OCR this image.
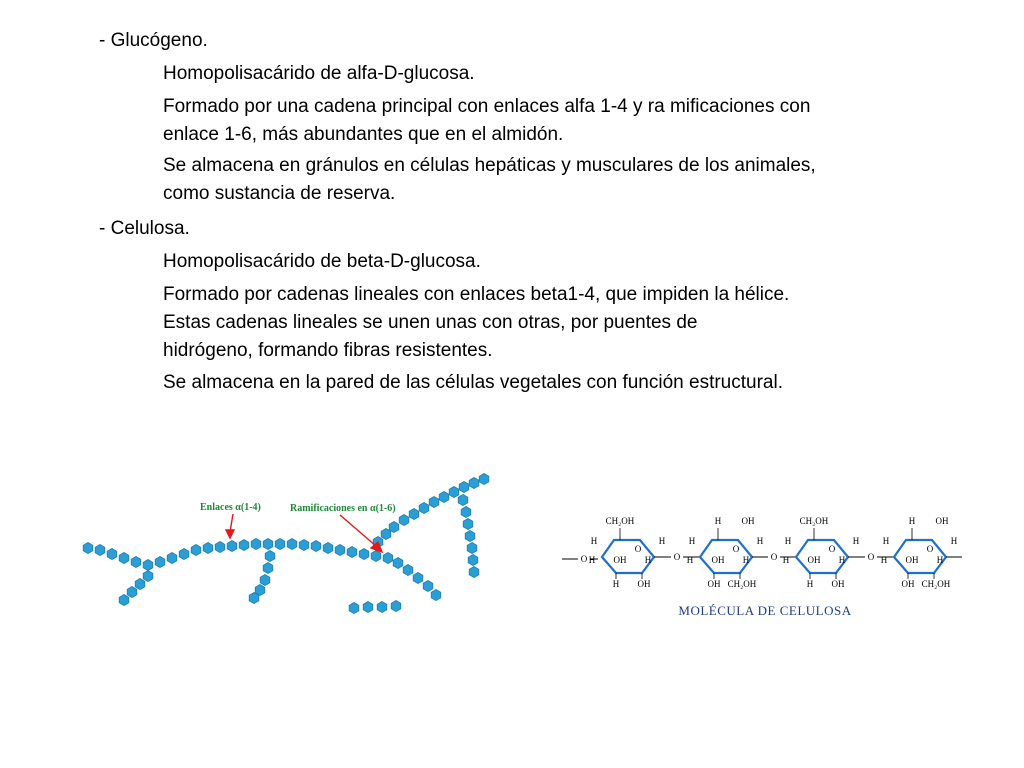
- Glucógeno.
Homopolisacárido de alfa-D-glucosa.
Formado por una cadena principal con enlaces alfa 1-4 y ra mificaciones con
enlace 1-6, más abundantes que en el almidón.
Se almacena en gránulos en células hepáticas y musculares de los animales,
como sustancia de reserva.
- Celulosa.
Homopolisacárido de beta-D-glucosa.
Formado por cadenas lineales con enlaces beta1-4, que impiden la hélice.
Estas cadenas lineales se unen unas con otras, por puentes de
hidrógeno, formando fibras resistentes.
Se almacena en la pared de las células vegetales con función estructural.
Enlaces α(1-4)	Ramificaciones en α(1-6)
O
O
CH₂OH
H
H OH H
H
H OH
O
O
H OH
H
H OH H
H
OH CH₂OH
O
O
CH₂OH
H
H OH H
H
H OH
O
O
H OH
H
H OH H
H
OH CH₂OH
MOLÉCULA DE CELULOSA
